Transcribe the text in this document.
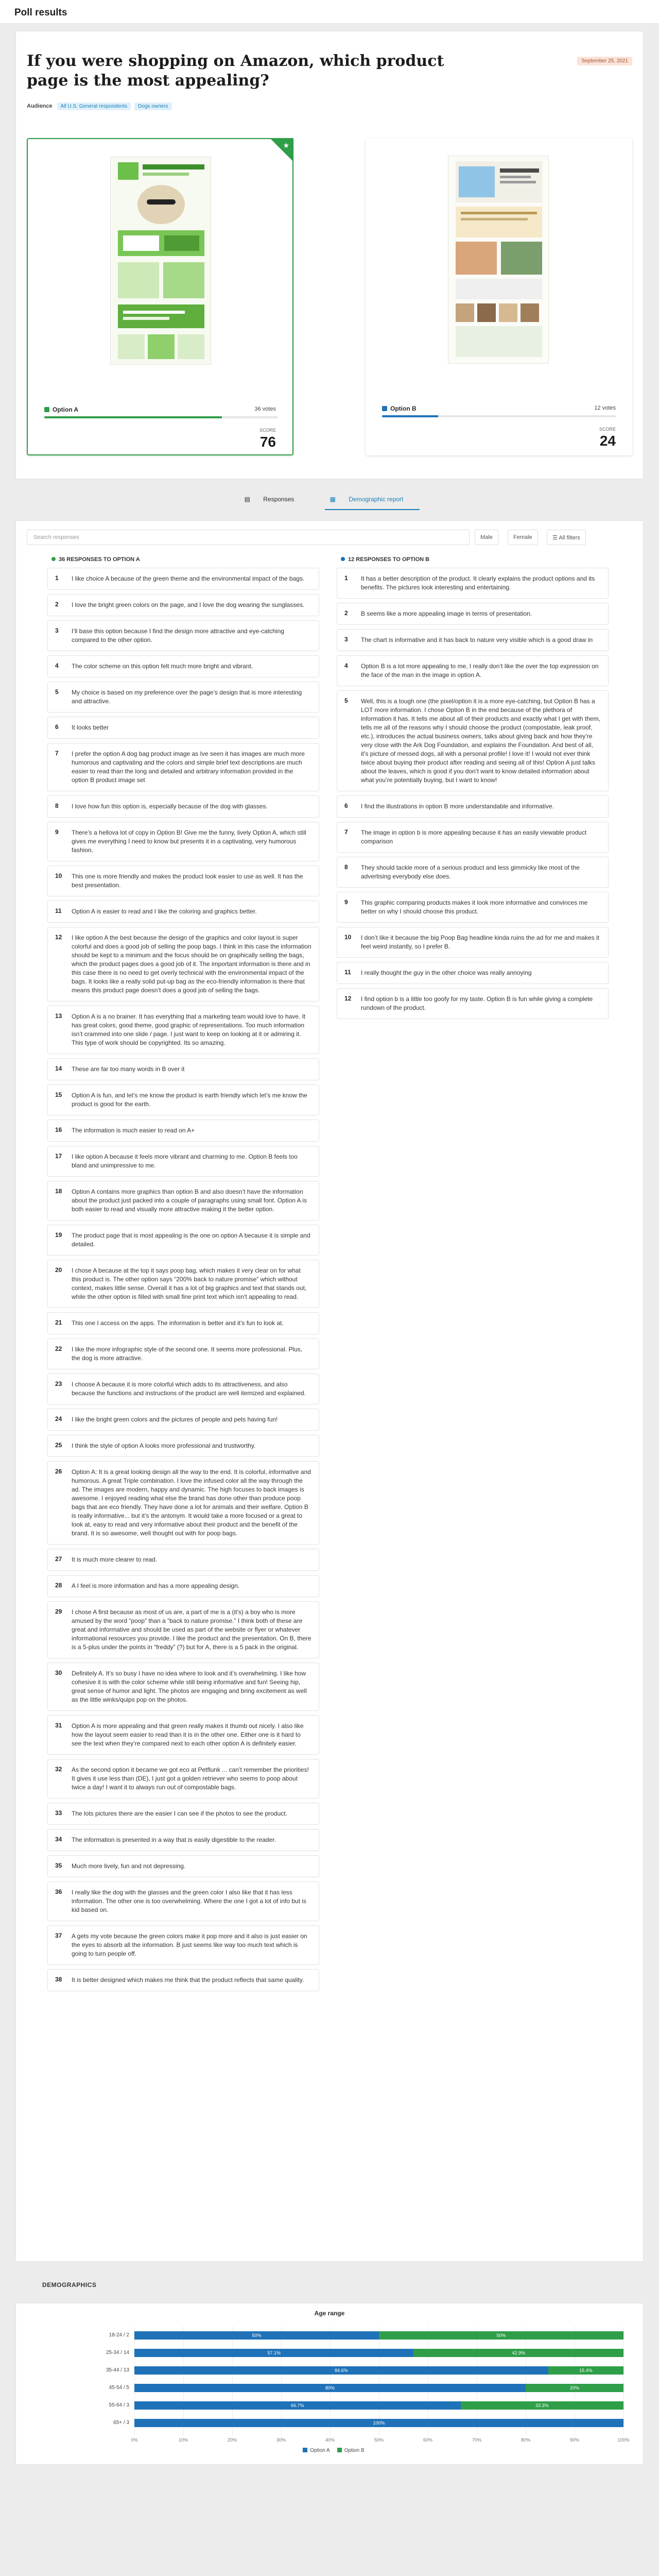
Poll results
If you were shopping on Amazon, which product page is the most appealing?
September 25, 2021
Audience All U.S. General respondents Dogs owners
★
Option A	36 votes
SCORE
76
Option B	12 votes
SCORE
24
▤ Responses	▦ Demographic report
Search responses	Male	Female	☰ All filters
36 RESPONSES TO OPTION A	12 RESPONSES TO OPTION B
1 I like choice A because of the green theme and the environmental impact of the bags.
2 I love the bright green colors on the page, and I love the dog wearing the sunglasses.
3 I’ll base this option because I find the design more attractive and eye-catching compared to the other option.
4 The color scheme on this option felt much more bright and vibrant.
5 My choice is based on my preference over the page’s design that is more interesting and attractive.
6 It looks better
7 I prefer the option A dog bag product image as Ive seen it has images are much more humorous and captivating and the colors and simple brief text descriptions are much easier to read than the long and detailed and arbitrary information provided in the option B product image set
8 I love how fun this option is, especially because of the dog with glasses.
9 There’s a hellova lot of copy in Option B! Give me the funny, lively Option A, which still gives me everything I need to know but presents it in a captivating, very humorous fashion.
10 This one is more friendly and makes the product look easier to use as well. It has the best presentation.
11 Option A is easier to read and I like the coloring and graphics better.
12 I like option A the best because the design of the graphics and color layout is super colorful and does a good job of selling the poop bags. I think in this case the information should be kept to a minimum and the focus should be on graphically selling the bags, which the product pages does a good job of it. The important information is there and in this case there is no need to get overly technical with the environmental impact of the bags. It looks like a really solid put-up bag as the eco-friendly information is there that means this product page doesn’t does a good job of selling the bags.
13 Option A is a no brainer. It has everything that a marketing team would love to have. It has great colors, good theme, good graphic of representations. Too much information isn’t crammed into one slide / page. I just want to keep on looking at it or admiring it. This type of work should be copyrighted. Its so amazing.
14 These are far too many words in B over it
15 Option A is fun, and let’s me know the product is earth friendly which let’s me know the product is good for the earth.
16 The information is much easier to read on A+
17 I like option A because it feels more vibrant and charming to me. Option B feels too bland and unimpressive to me.
18 Option A contains more graphics than option B and also doesn’t have the information about the product just packed into a couple of paragraphs using small font. Option A is both easier to read and visually more attractive making it the better option.
19 The product page that is most appealing is the one on option A because it is simple and detailed.
20 I chose A because at the top it says poop bag, which makes it very clear on for what this product is. The other option says “200% back to nature promise” which without context, makes little sense. Overall it has a lot of big graphics and text that stands out, while the other option is filled with small fine print text which isn’t appealing to read.
21 This one I access on the apps. The information is better and it’s fun to look at.
22 I like the more infographic style of the second one. It seems more professional. Plus, the dog is more attractive.
23 I choose A because it is more colorful which adds to its attractiveness, and also because the functions and instructions of the product are well itemized and explained.
24 I like the bright green colors and the pictures of people and pets having fun!
25 I think the style of option A looks more professional and trustworthy.
26 Option A: It is a great looking design all the way to the end. It is colorful, informative and humorous. A great Triple combination. I love the infused color all the way through the ad. The images are modern, happy and dynamic. The high focuses to back images is awesome. I enjoyed reading what else the brand has done other than produce poop bags that are eco friendly. They have done a lot for animals and their welfare. Option B is really informative... but it’s the antonym. It would take a more focused or a great to look at, easy to read and very informative about their product and the benefit of the brand. It is so awesome, well thought out with for poop bags.
27 It is much more clearer to read.
28 A I feel is more information and has a more appealing design.
29 I chose A first because as most of us are, a part of me is a (it’s) a boy who is more amused by the word “poop” than a “back to nature promise.” I think both of these are great and informative and should be used as part of the website or flyer or whatever informational resources you provide. I like the product and the presentation. On B, there is a 5-plus under the points in “freddy” (?) but for A, there is a 5 pack in the original.
30 Definitely A. It’s so busy I have no idea where to look and it’s overwhelming. I like how cohesive it is with the color scheme while still being informative and fun! Seeing hip, great sense of humor and light. The photos are engaging and bring excitement as well as the little winks/quips pop on the photos.
31 Option A is more appealing and that green really makes it thumb out nicely. I also like how the layout seem easier to read than it is in the other one. Either one is it hard to see the text when they’re compared next to each other option A is definitely easier.
32 As the second option it became we got eco at Petflunk ... can’t remember the priorities! It gives it use less than (DE), I just got a golden retriever who seems to poop about twice a day! I want it to always run out of compostable bags.
33 The lots pictures there are the easier I can see if the photos to see the product.
34 The information is presented in a way that is easily digestible to the reader.
35 Much more lively, fun and not depressing.
36 I really like the dog with the glasses and the green color I also like that it has less information. The other one is too overwhelming. Where the one I got a lot of info but is kid based on.
37 A gets my vote because the green colors make it pop more and it also is just easier on the eyes to absorb all the information. B just seems like way too much text which is going to turn people off.
38 It is better designed which makes me think that the product reflects that same quality.
1 It has a better description of the product. It clearly explains the product options and its benefits. The pictures look interesting and entertaining.
2 B seems like a more appealing image in terms of presentation.
3 The chart is informative and it has back to nature very visible which is a good draw in
4 Option B is a lot more appealing to me, I really don’t like the over the top expression on the face of the man in the image in option A.
5 Well, this is a tough one (the pixel/option it is a more eye-catching, but Option B has a LOT more information. I chose Option B in the end because of the plethora of information it has. It tells me about all of their products and exactly what I get with them, tells me all of the reasons why I should choose the product (compostable, leak proof, etc.), introduces the actual business owners, talks about giving back and how they’re very close with the Ark Dog Foundation, and explains the Foundation. And best of all, it’s picture of messed dogs, all with a personal profile! I love it! I would not ever think twice about buying their product after reading and seeing all of this! Option A just talks about the leaves, which is good if you don’t want to know detailed information about what you’re potentially buying, but I want to know!
6 I find the illustrations in option B more understandable and informative.
7 The image in option b is more appealing because it has an easily viewable product comparison
8 They should tackle more of a serious product and less gimmicky like most of the advertising everybody else does.
9 This graphic comparing products makes it look more informative and convinces me better on why I should choose this product.
10 I don’t like it because the big Poop Bag headline kinda ruins the ad for me and makes it feel weird instantly, so I prefer B.
11 I really thought the guy in the other choice was really annoying
12 I find option b is a little too goofy for my taste. Option B is fun while giving a complete rundown of the product.
DEMOGRAPHICS
Age range
18-24 / 2	50%	50%
25-34 / 14	57.1%	42.9%
35-44 / 13	84.6%	15.4%
45-54 / 5	80%	20%
55-64 / 3	66.7%	33.3%
65+ / 3	100%
0%	10%	20%	30%	40%	50%	60%	70%	80%	90%	100%
Option A	Option B
